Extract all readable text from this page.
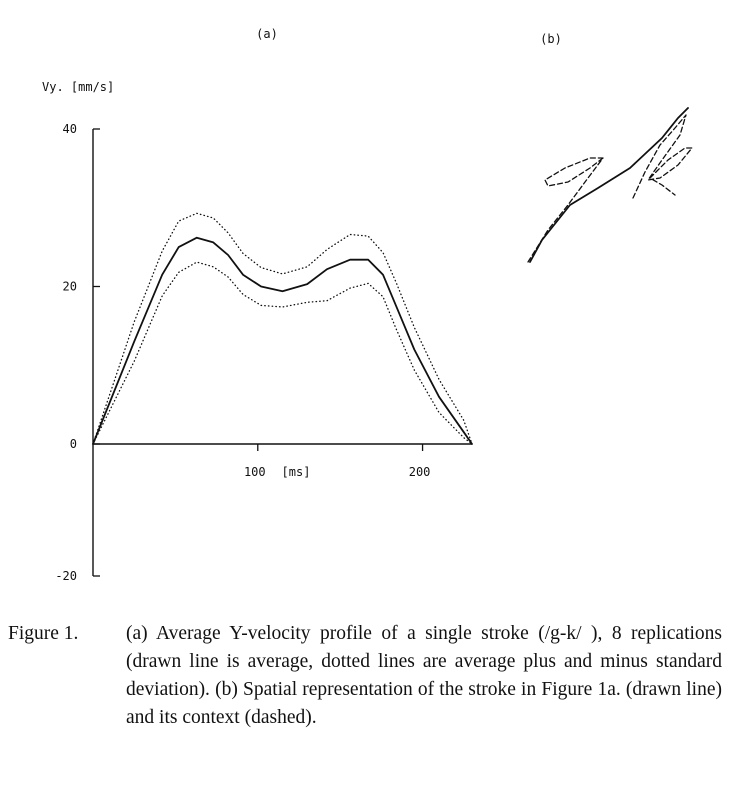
(a)	(b)
Vy. [mm/s]
[ms]
40
20
0
-20
100	200
Figure 1. (a) Average Y-velocity profile of a single stroke (/g-k/ ), 8 replications (drawn line is average, dotted lines are average plus and minus standard deviation). (b) Spatial representation of the stroke in Figure 1a. (drawn line) and its context (dashed).
